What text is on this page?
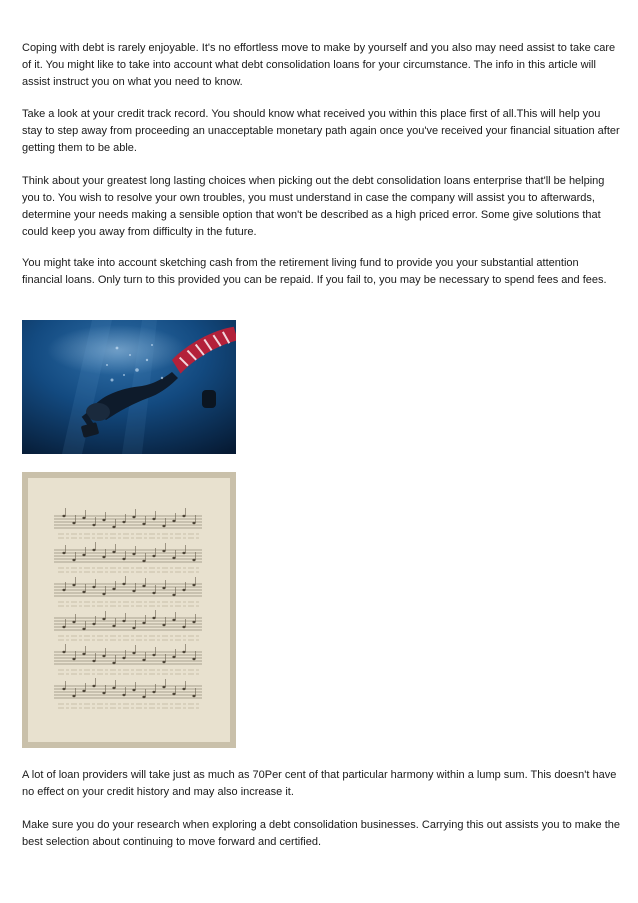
Coping with debt is rarely enjoyable. It's no effortless move to make by yourself and you also may need assist to take care of it. You might like to take into account what debt consolidation loans for your circumstance. The info in this article will assist instruct you on what you need to know.

Take a look at your credit track record. You should know what received you within this place first of all.This will help you stay to step away from proceeding an unacceptable monetary path again once you've received your financial situation after getting them to be able.

Think about your greatest long lasting choices when picking out the debt consolidation loans enterprise that'll be helping you to. You wish to resolve your own troubles, you must understand in case the company will assist you to afterwards, determine your needs making a sensible option that won't be described as a high priced error. Some give solutions that could keep you away from difficulty in the future.

You might take into account sketching cash from the retirement living fund to provide you your substantial attention financial loans. Only turn to this provided you can be repaid. If you fail to, you may be necessary to spend fees and fees.

A lot of loan providers will take just as much as 70Per cent of that particular harmony within a lump sum. This doesn't have no effect on your credit history and may also increase it.

Make sure you do your research when exploring a debt consolidation businesses. Carrying this out assists you to make the best selection about continuing to move forward and certified.
